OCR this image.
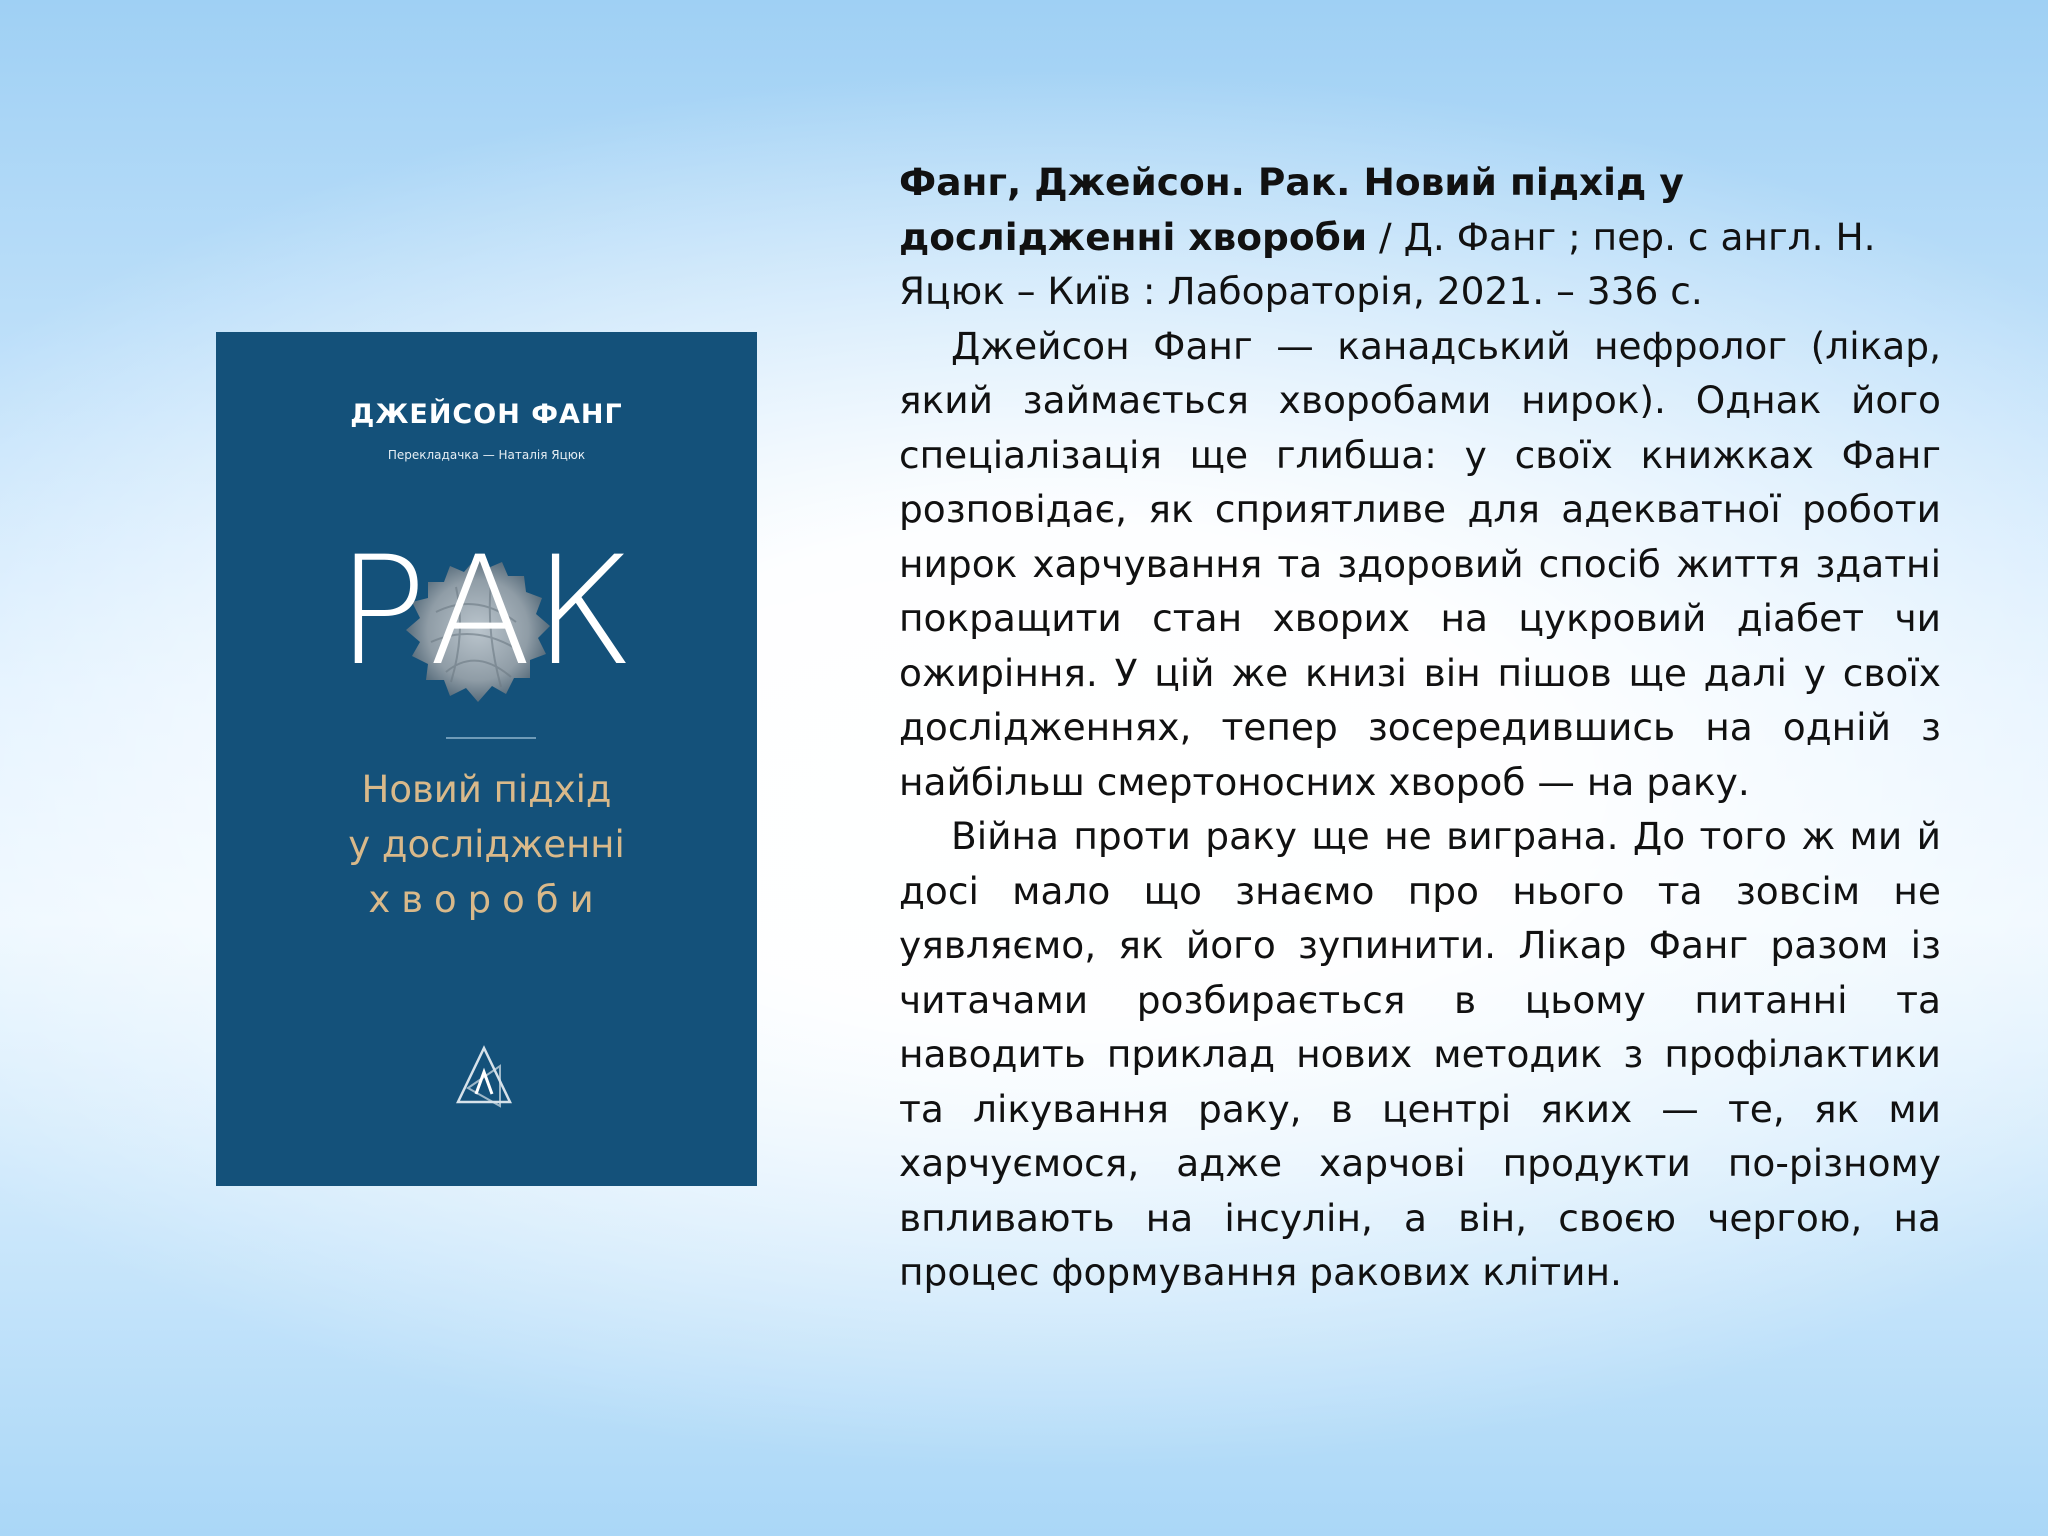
ДЖЕЙСОН ФАНГ
Перекладачка — Наталія Яцюк
РАК
Новий підхід
у дослідженні
хвороби

Фанг, Джейсон. Рак. Новий підхід у дослідженні хвороби / Д. Фанг ; пер. с англ. Н. Яцюк – Київ : Лабораторія, 2021. – 336 с.

Джейсон Фанг — канадський нефролог (лікар, який займається хворобами нирок). Однак його спеціалізація ще глибша: у своїх книжках Фанг розповідає, як сприятливе для адекватної роботи нирок харчування та здоровий спосіб життя здатні покращити стан хворих на цукровий діабет чи ожиріння. У цій же книзі він пішов ще далі у своїх дослідженнях, тепер зосередившись на одній з найбільш смертоносних хвороб — на раку.

Війна проти раку ще не виграна. До того ж ми й досі мало що знаємо про нього та зовсім не уявляємо, як його зупинити. Лікар Фанг разом із читачами розбирається в цьому питанні та наводить приклад нових методик з профілактики та лікування раку, в центрі яких — те, як ми харчуємося, адже харчові продукти по-різному впливають на інсулін, а він, своєю чергою, на процес формування ракових клітин.
